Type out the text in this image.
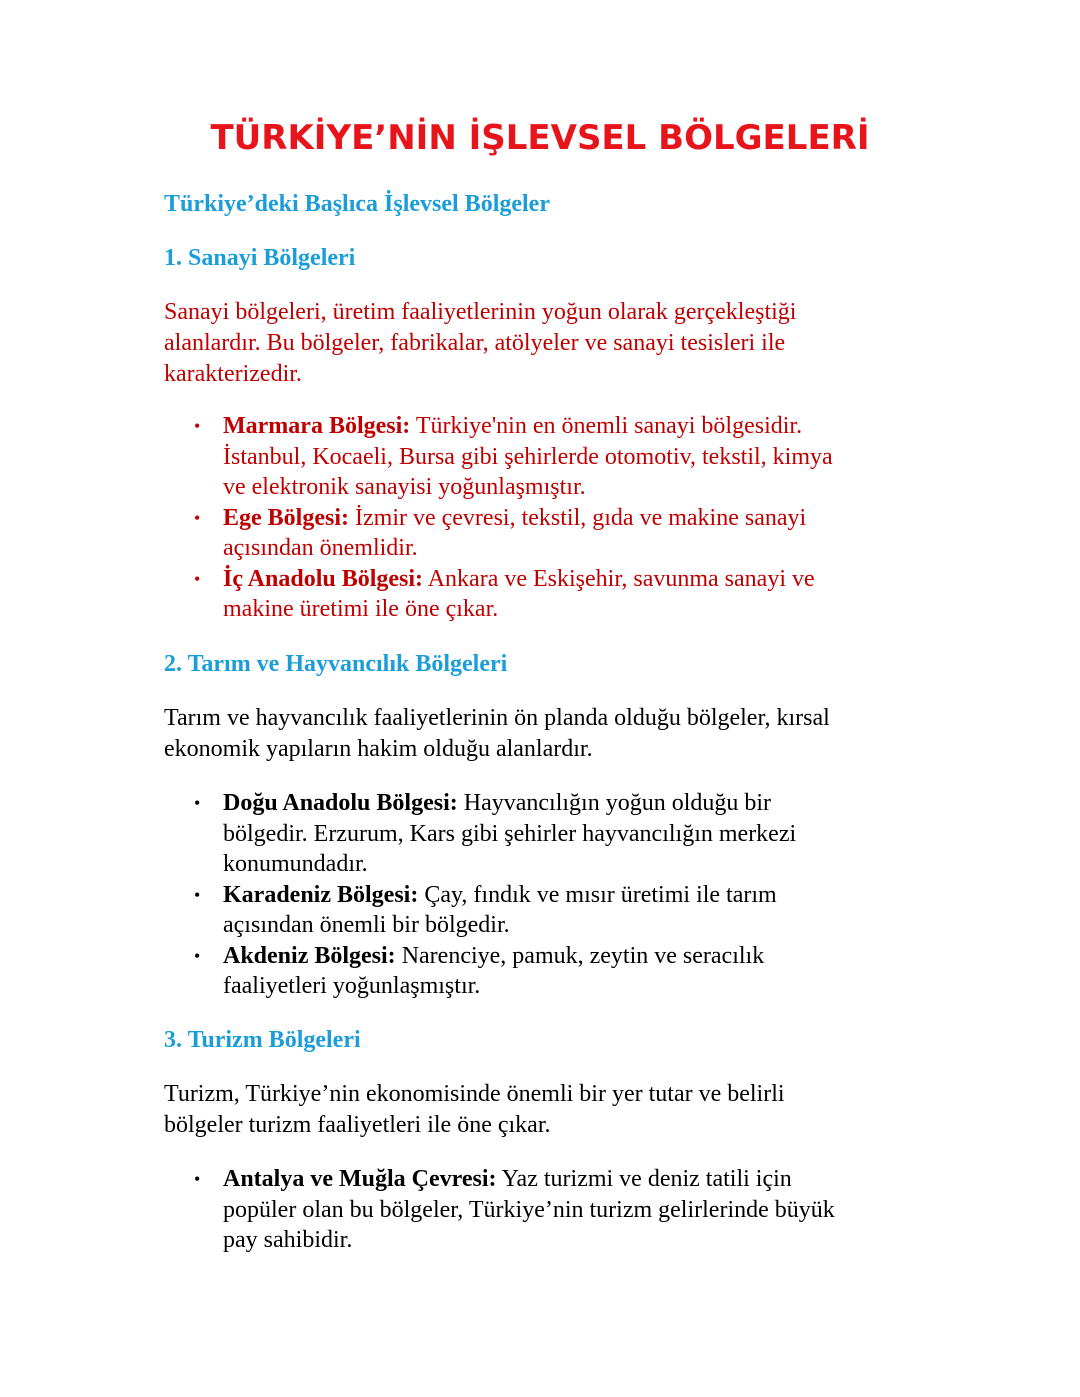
TÜRKİYE’NİN İŞLEVSEL BÖLGELERİ
Türkiye’deki Başlıca İşlevsel Bölgeler
1. Sanayi Bölgeleri

Sanayi bölgeleri, üretim faaliyetlerinin yoğun olarak gerçekleştiği
alanlardır. Bu bölgeler, fabrikalar, atölyeler ve sanayi tesisleri ile
karakterizedir.

• Marmara Bölgesi: Türkiye'nin en önemli sanayi bölgesidir.
İstanbul, Kocaeli, Bursa gibi şehirlerde otomotiv, tekstil, kimya
ve elektronik sanayisi yoğunlaşmıştır.
• Ege Bölgesi: İzmir ve çevresi, tekstil, gıda ve makine sanayi
açısından önemlidir.
• İç Anadolu Bölgesi: Ankara ve Eskişehir, savunma sanayi ve
makine üretimi ile öne çıkar.
2. Tarım ve Hayvancılık Bölgeleri

Tarım ve hayvancılık faaliyetlerinin ön planda olduğu bölgeler, kırsal
ekonomik yapıların hakim olduğu alanlardır.

• Doğu Anadolu Bölgesi: Hayvancılığın yoğun olduğu bir
bölgedir. Erzurum, Kars gibi şehirler hayvancılığın merkezi
konumundadır.
• Karadeniz Bölgesi: Çay, fındık ve mısır üretimi ile tarım
açısından önemli bir bölgedir.
• Akdeniz Bölgesi: Narenciye, pamuk, zeytin ve seracılık
faaliyetleri yoğunlaşmıştır.
3. Turizm Bölgeleri

Turizm, Türkiye’nin ekonomisinde önemli bir yer tutar ve belirli
bölgeler turizm faaliyetleri ile öne çıkar.

• Antalya ve Muğla Çevresi: Yaz turizmi ve deniz tatili için
popüler olan bu bölgeler, Türkiye’nin turizm gelirlerinde büyük
pay sahibidir.
